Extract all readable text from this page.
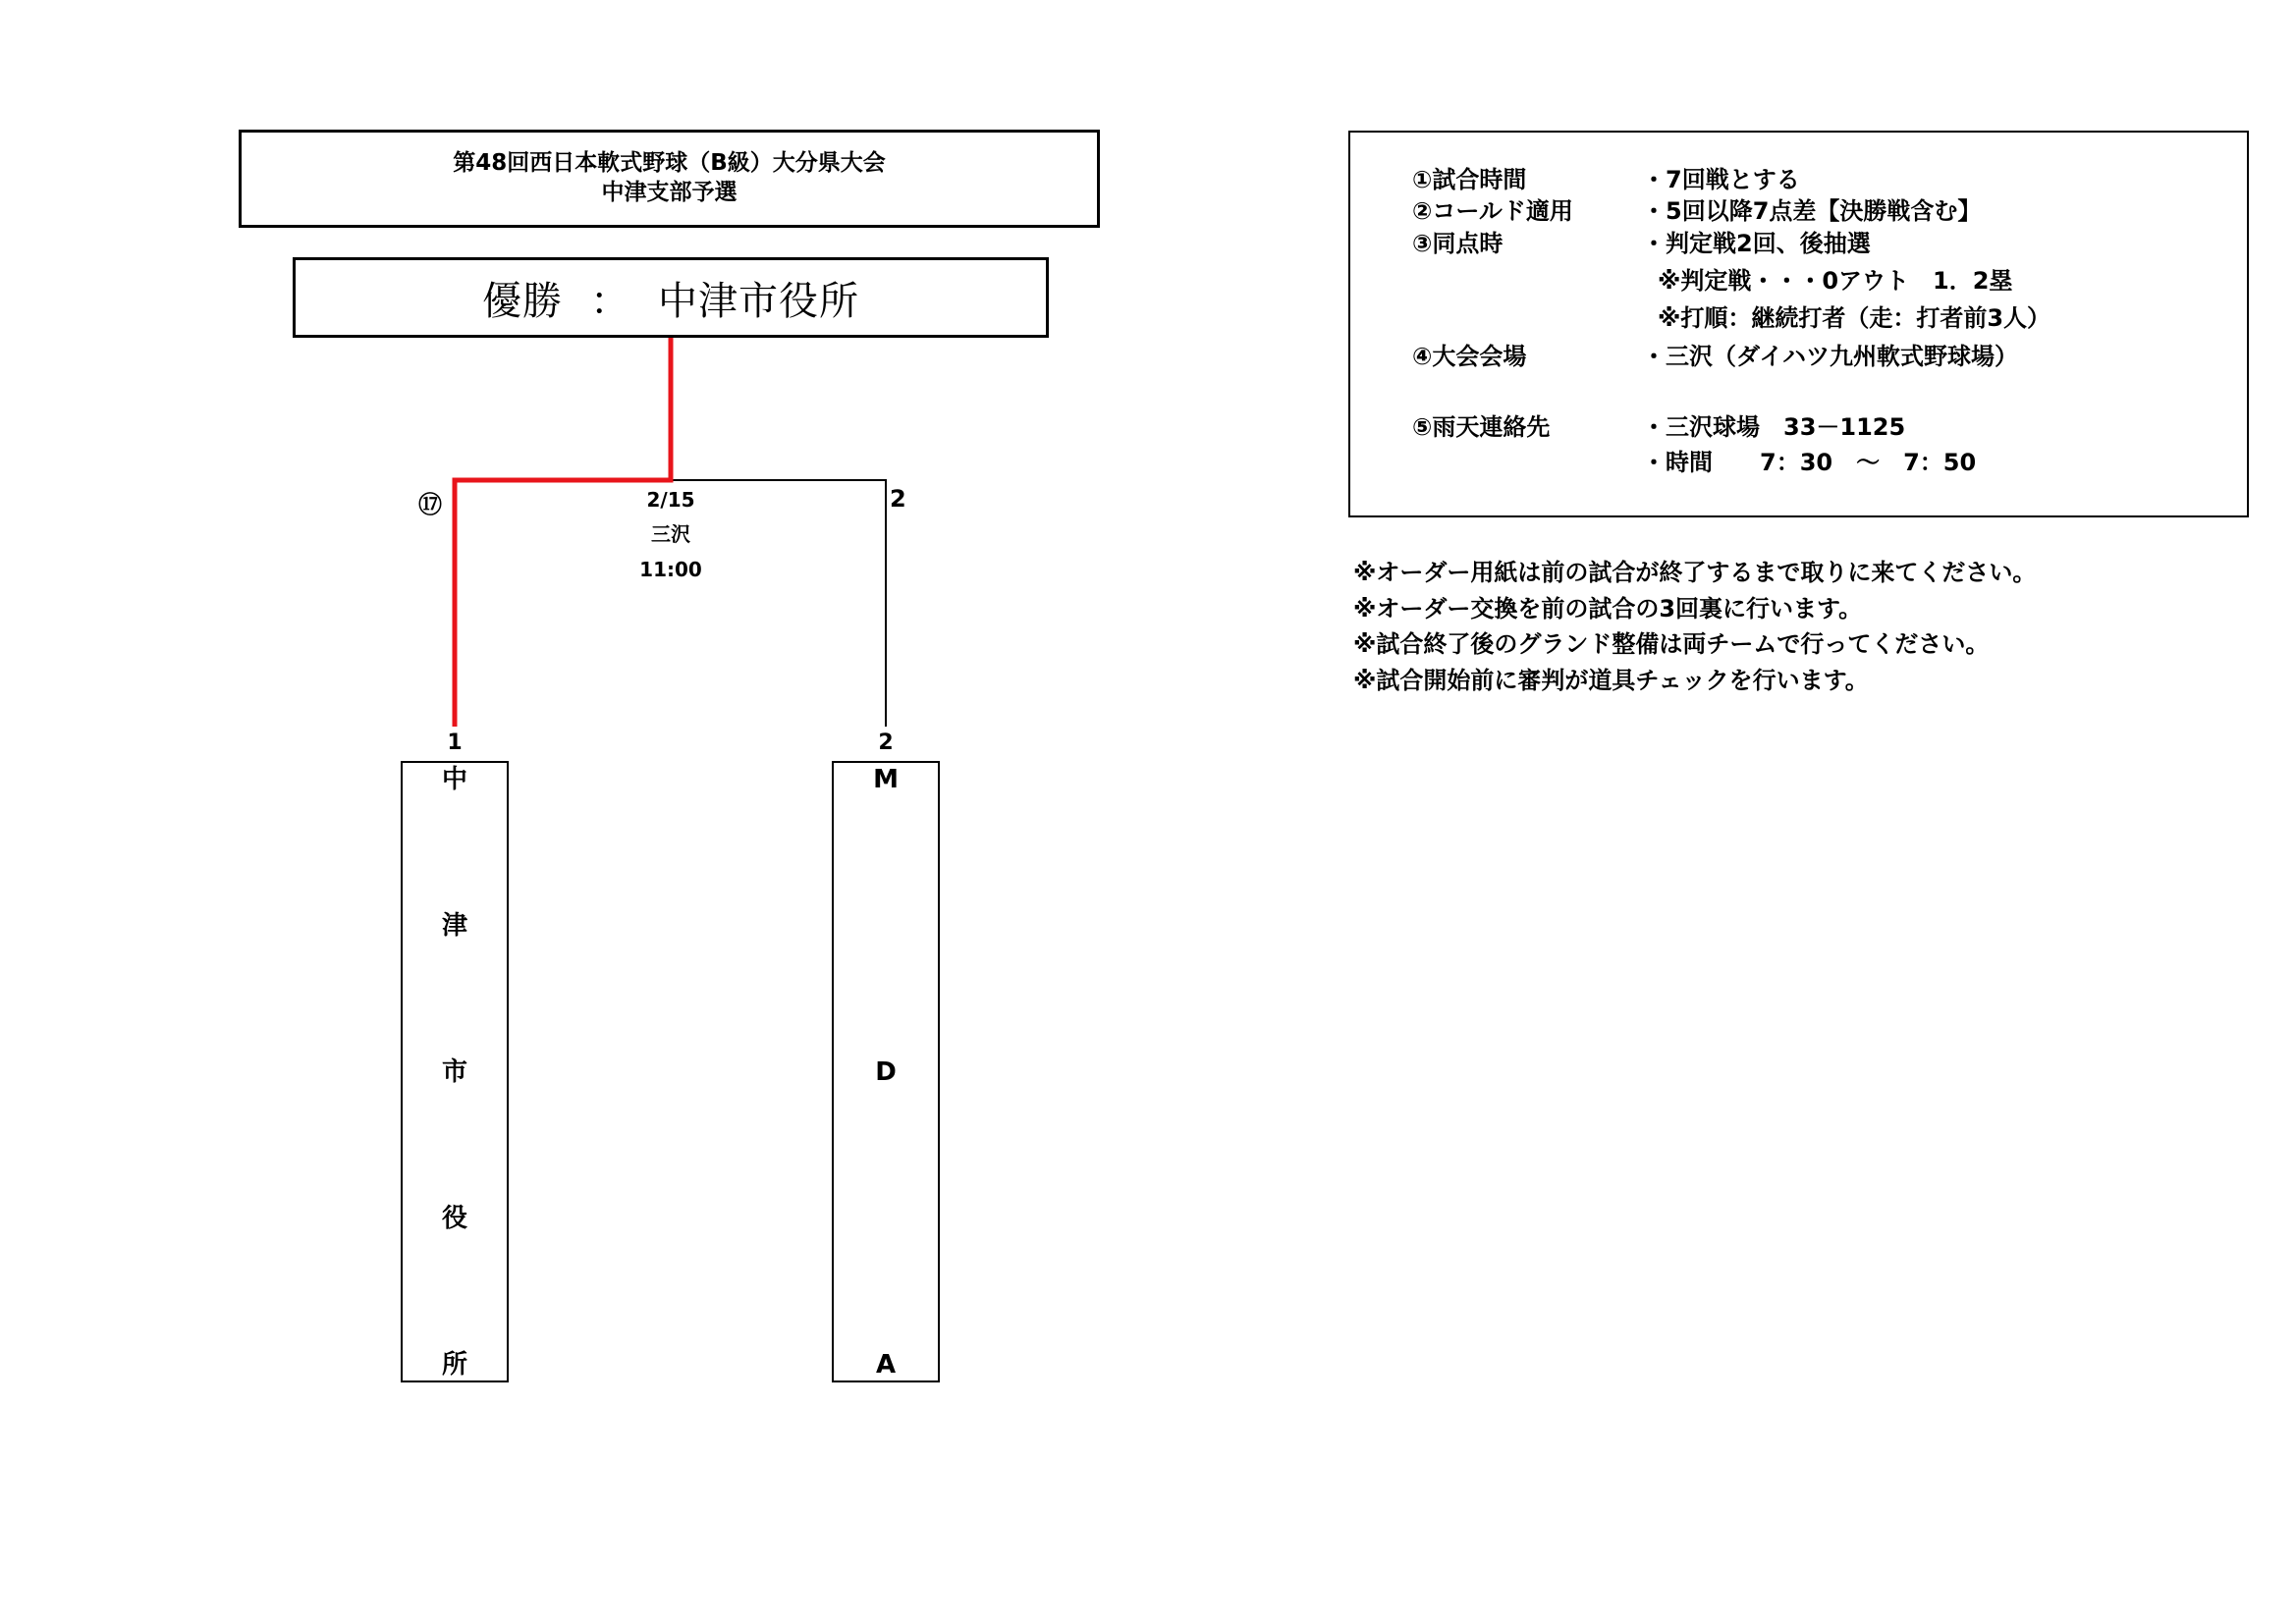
第48回西日本軟式野球（B級）大分県大会
中津支部予選
優勝 ： 中津市役所
⑰	2
2/15
三沢
11:00
1	2
中
津
市
役
所
M
D
A
①試合時間	・7回戦とする
②コールド適用	・5回以降7点差【決勝戦含む】
③同点時	・判定戦2回、後抽選
※判定戦・・・0アウト　1．2塁
※打順：継続打者（走：打者前3人）
④大会会場	・三沢（ダイハツ九州軟式野球場）
⑤雨天連絡先	・三沢球場　33－1125
・時間　　7：30　～　7：50
※オーダー用紙は前の試合が終了するまで取りに来てください。
※オーダー交換を前の試合の3回裏に行います。
※試合終了後のグランド整備は両チームで行ってください。
※試合開始前に審判が道具チェックを行います。
